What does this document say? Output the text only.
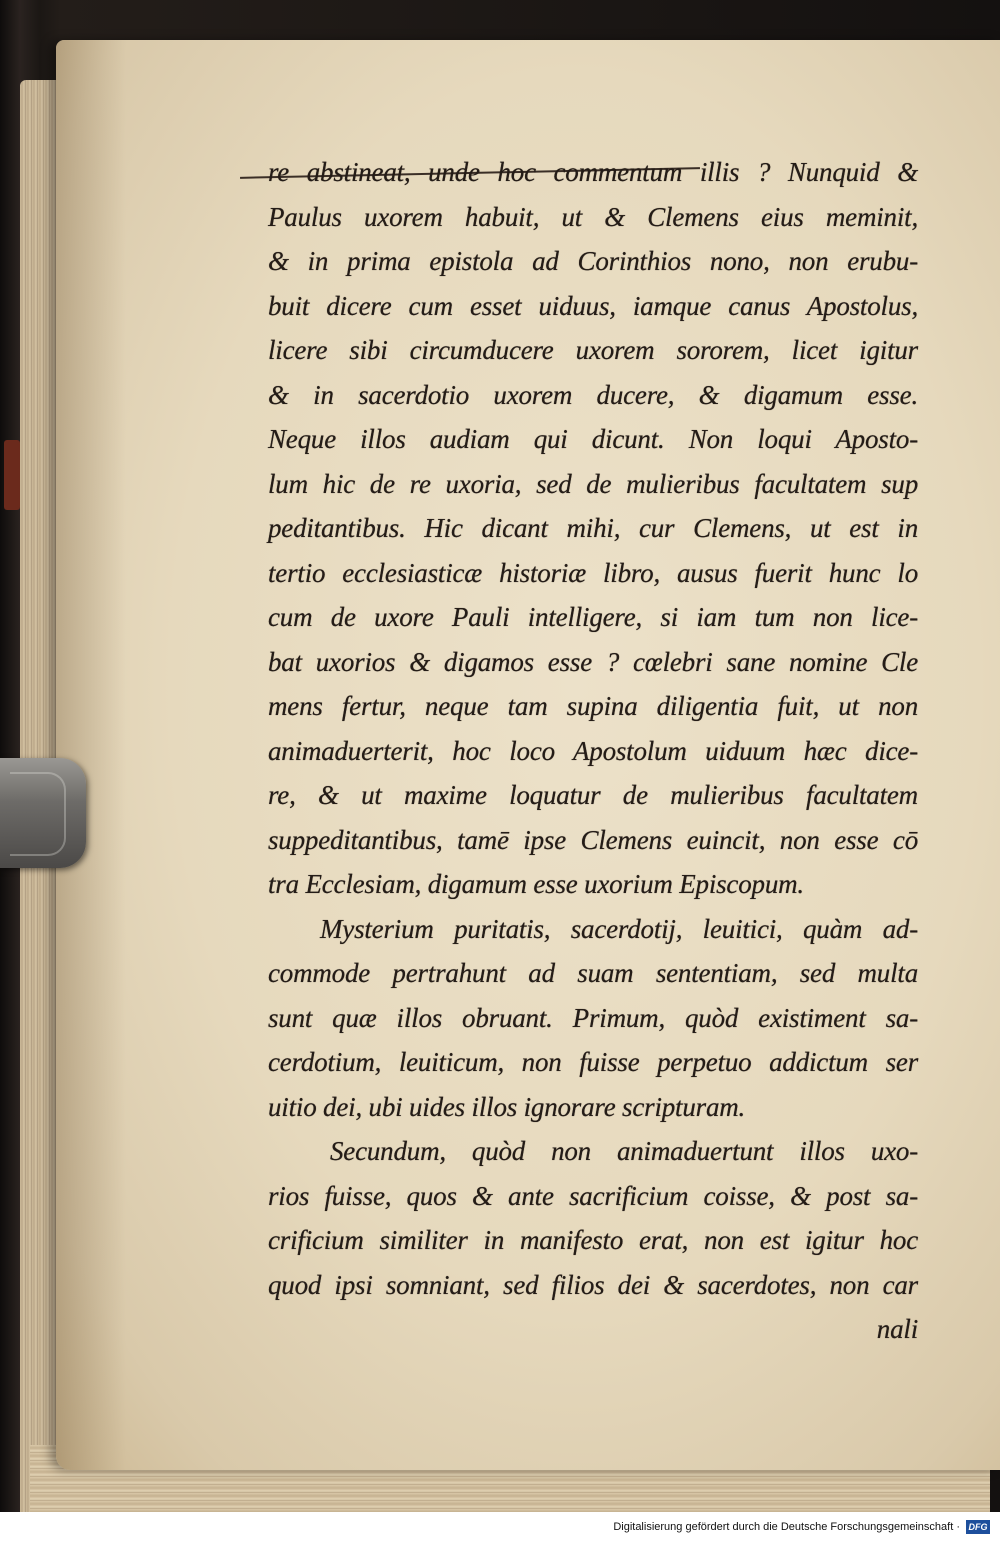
re abstineat, unde hoc commentum illis ? Nunquid &
Paulus uxorem habuit, ut & Clemens eius meminit,
& in prima epistola ad Corinthios nono, non erubu-
buit dicere cum esset uiduus, iamque canus Apostolus,
licere sibi circumducere uxorem sororem, licet igitur
& in sacerdotio uxorem ducere, & digamum esse.
Neque illos audiam qui dicunt. Non loqui Aposto-
lum hic de re uxoria, sed de mulieribus facultatem sup
peditantibus. Hic dicant mihi, cur Clemens, ut est in
tertio ecclesiasticæ historiæ libro, ausus fuerit hunc lo
cum de uxore Pauli intelligere, si iam tum non lice-
bat uxorios & digamos esse ? cœlebri sane nomine Cle
mens fertur, neque tam supina diligentia fuit, ut non
animaduerterit, hoc loco Apostolum uiduum hæc dice-
re, & ut maxime loquatur de mulieribus facultatem
suppeditantibus, tamē ipse Clemens euincit, non esse cō
tra Ecclesiam, digamum esse uxorium Episcopum.
Mysterium puritatis, sacerdotij, leuitici, quàm ad-
commode pertrahunt ad suam sententiam, sed multa
sunt quæ illos obruant. Primum, quòd existiment sa-
cerdotium, leuiticum, non fuisse perpetuo addictum ser
uitio dei, ubi uides illos ignorare scripturam.
Secundum, quòd non animaduertunt illos uxo-
rios fuisse, quos & ante sacrificium coisse, & post sa-
crificium similiter in manifesto erat, non est igitur hoc
quod ipsi somniant, sed filios dei & sacerdotes, non car
nali
Digitalisierung gefördert durch die Deutsche Forschungsgemeinschaft · DFG
